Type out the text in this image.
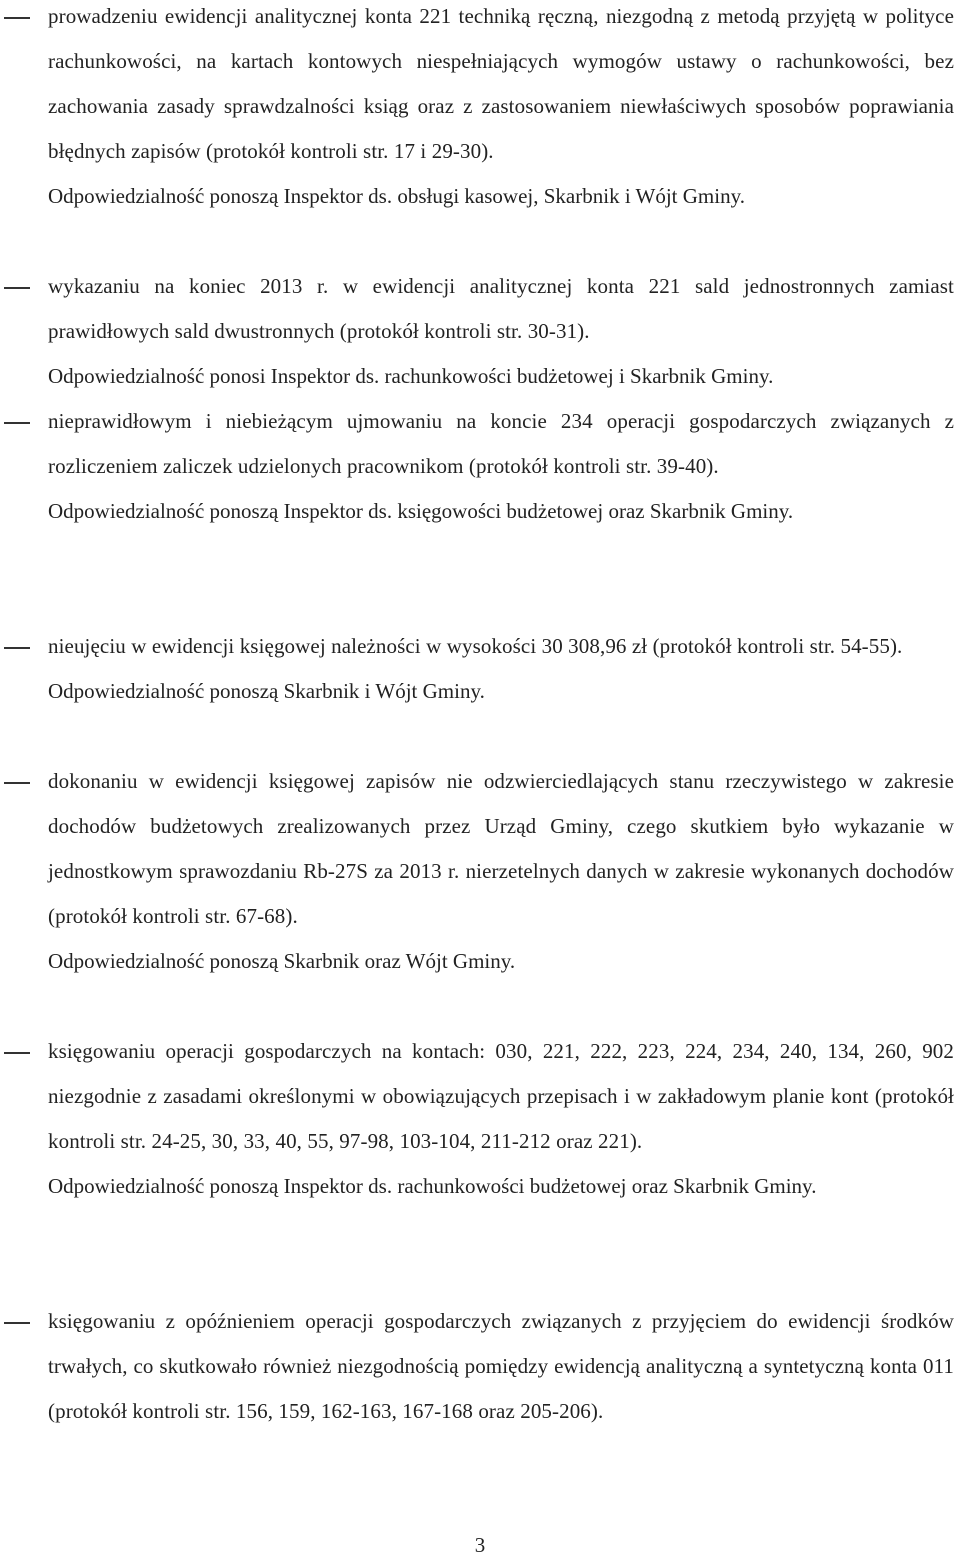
prowadzeniu ewidencji analitycznej konta 221 techniką ręczną, niezgodną z metodą przyjętą w polityce rachunkowości, na kartach kontowych niespełniających wymogów ustawy o rachunkowości, bez zachowania zasady sprawdzalności ksiąg oraz z zastosowaniem niewłaściwych sposobów poprawiania błędnych zapisów (protokół kontroli str. 17 i 29-30).
Odpowiedzialność ponoszą Inspektor ds. obsługi kasowej, Skarbnik i Wójt Gminy.
wykazaniu na koniec 2013 r. w ewidencji analitycznej konta 221 sald jednostronnych zamiast prawidłowych sald dwustronnych (protokół kontroli str. 30-31).
Odpowiedzialność ponosi Inspektor ds. rachunkowości budżetowej i Skarbnik Gminy.
nieprawidłowym i niebieżącym ujmowaniu na koncie 234 operacji gospodarczych związanych z rozliczeniem zaliczek udzielonych pracownikom (protokół kontroli str. 39-40).
Odpowiedzialność ponoszą Inspektor ds. księgowości budżetowej oraz Skarbnik Gminy.
nieujęciu w ewidencji księgowej należności w wysokości 30 308,96 zł (protokół kontroli str. 54-55).
Odpowiedzialność ponoszą Skarbnik i Wójt Gminy.
dokonaniu w ewidencji księgowej zapisów nie odzwierciedlających stanu rzeczywistego w zakresie dochodów budżetowych zrealizowanych przez Urząd Gminy, czego skutkiem było wykazanie w jednostkowym sprawozdaniu Rb-27S za 2013 r. nierzetelnych danych w zakresie wykonanych dochodów (protokół kontroli str. 67-68).
Odpowiedzialność ponoszą Skarbnik oraz Wójt Gminy.
księgowaniu operacji gospodarczych na kontach: 030, 221, 222, 223, 224, 234, 240, 134, 260, 902 niezgodnie z zasadami określonymi w obowiązujących przepisach i w zakładowym planie kont (protokół kontroli str. 24-25, 30, 33, 40, 55, 97-98, 103-104, 211-212 oraz 221).
Odpowiedzialność ponoszą Inspektor ds. rachunkowości budżetowej oraz Skarbnik Gminy.
księgowaniu z opóźnieniem operacji gospodarczych związanych z przyjęciem do ewidencji środków trwałych, co skutkowało również niezgodnością pomiędzy ewidencją analityczną a syntetyczną konta 011 (protokół kontroli str. 156, 159, 162-163, 167-168 oraz 205-206).
3
